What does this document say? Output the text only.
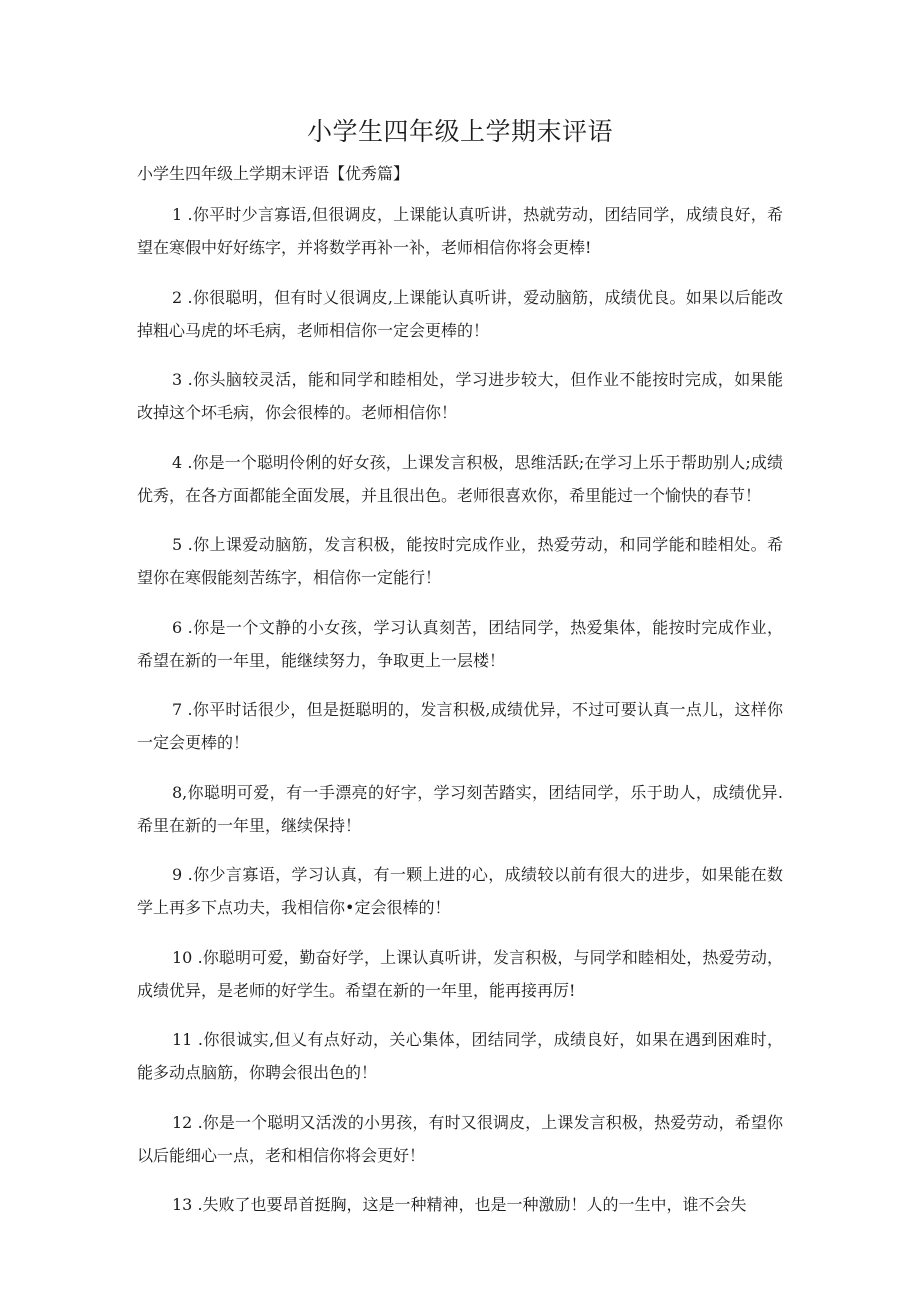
小学生四年级上学期末评语

小学生四年级上学期末评语【优秀篇】

1 .你平时少言寡语,但很调皮，上课能认真听讲，热就劳动，团结同学，成绩良好，希望在寒假中好好练字，并将数学再补一补，老师相信你将会更棒!

2 .你很聪明，但有时乂很调皮,上课能认真听讲，爱动脑筋，成绩优良。如果以后能改掉粗心马虎的坏毛病，老师相信你一定会更棒的！

3 .你头脑较灵活，能和同学和睦相处，学习进步较大，但作业不能按时完成，如果能改掉这个坏毛病，你会很棒的。老师相信你！

4 .你是一个聪明伶俐的好女孩，上课发言积极，思维活跃;在学习上乐于帮助别人;成绩优秀，在各方面都能全面发展，并且很出色。老师很喜欢你，希里能过一个愉快的春节！

5 .你上课爱动脑筋，发言积极，能按时完成作业，热爱劳动，和同学能和睦相处。希望你在寒假能刻苦练字，相信你一定能行！

6 .你是一个文静的小女孩，学习认真刻苦，团结同学，热爱集体，能按时完成作业，希望在新的一年里，能继续努力，争取更上一层楼！

7 .你平时话很少，但是挺聪明的，发言积极,成绩优异，不过可要认真一点儿，这样你一定会更棒的！

8,你聪明可爱，有一手漂亮的好字，学习刻苦踏实，团结同学，乐于助人，成绩优异.希里在新的一年里，继续保持！

9 .你少言寡语，学习认真，有一颗上进的心，成绩较以前有很大的进步，如果能在数学上再多下点功夫，我相信你•定会很棒的！

10 .你聪明可爱，勤奋好学，上课认真听讲，发言积极，与同学和睦相处，热爱劳动，成绩优异，是老师的好学生。希望在新的一年里，能再接再厉!

11 .你很诚实,但乂有点好动，关心集体，团结同学，成绩良好，如果在遇到困难时，能多动点脑筋，你聘会很出色的！

12 .你是一个聪明又活泼的小男孩，有时又很调皮，上课发言积极，热爱劳动，希望你以后能细心一点，老和相信你将会更好！

13 .失败了也要昂首挺胸，这是一种精神，也是一种激励！人的一生中，谁不会失
